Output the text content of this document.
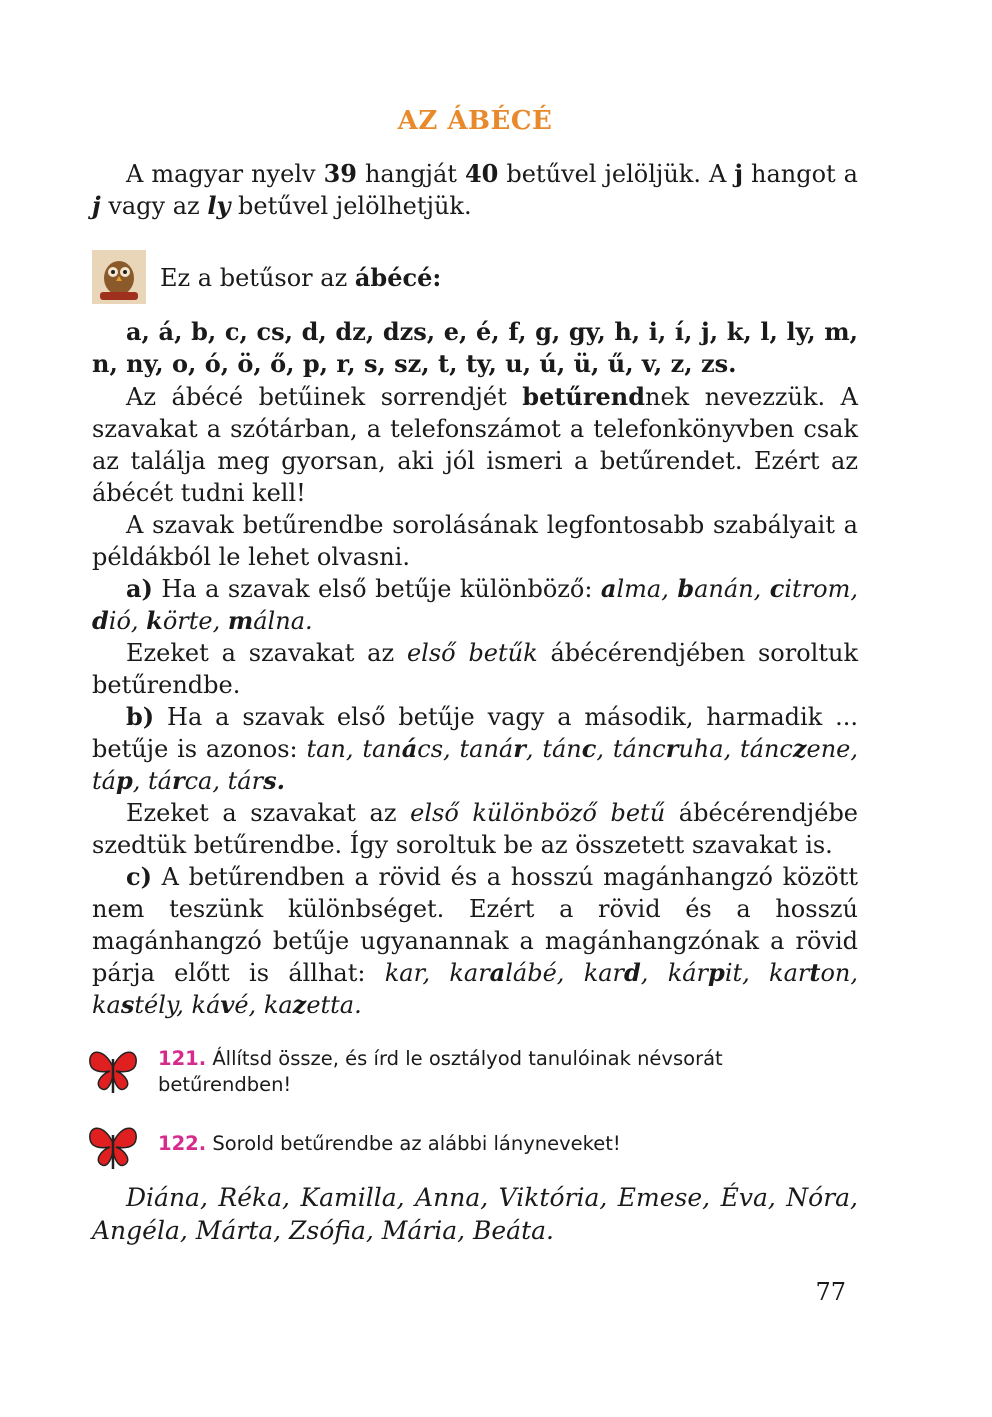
AZ ÁBÉCÉ
A magyar nyelv 39 hangját 40 betűvel jelöljük. A j hangot a j vagy az ly betűvel jelölhetjük.
Ez a betűsor az ábécé:
a, á, b, c, cs, d, dz, dzs, e, é, f, g, gy, h, i, í, j, k, l, ly, m, n, ny, o, ó, ö, ő, p, r, s, sz, t, ty, u, ú, ü, ű, v, z, zs.
Az ábécé betűinek sorrendjét betűrendnek nevezzük. A szavakat a szótárban, a telefonszámot a telefonkönyvben csak az találja meg gyorsan, aki jól ismeri a betűrendet. Ezért az ábécét tudni kell!
A szavak betűrendbe sorolásának legfontosabb szabályait a példákból le lehet olvasni.
a) Ha a szavak első betűje különböző: alma, banán, citrom, dió, körte, málna.
Ezeket a szavakat az első betűk ábécérendjében soroltuk betűrendbe.
b) Ha a szavak első betűje vagy a második, harmadik ... betűje is azonos: tan, tanács, tanár, tánc, táncruha, tánczene, táp, tárca, társ.
Ezeket a szavakat az első különböző betű ábécérendjébe szedtük betűrendbe. Így soroltuk be az összetett szavakat is.
c) A betűrendben a rövid és a hosszú magánhangzó között nem teszünk különbséget. Ezért a rövid és a hosszú magánhangzó betűje ugyanannak a magánhangzónak a rövid párja előtt is állhat: kar, karalábé, kard, kárpit, karton, kastély, kávé, kazetta.
121. Állítsd össze, és írd le osztályod tanulóinak névsorát betűrendben!
122. Sorold betűrendbe az alábbi lányneveket!
Diána, Réka, Kamilla, Anna, Viktória, Emese, Éva, Nóra, Angéla, Márta, Zsófia, Mária, Beáta.
77
